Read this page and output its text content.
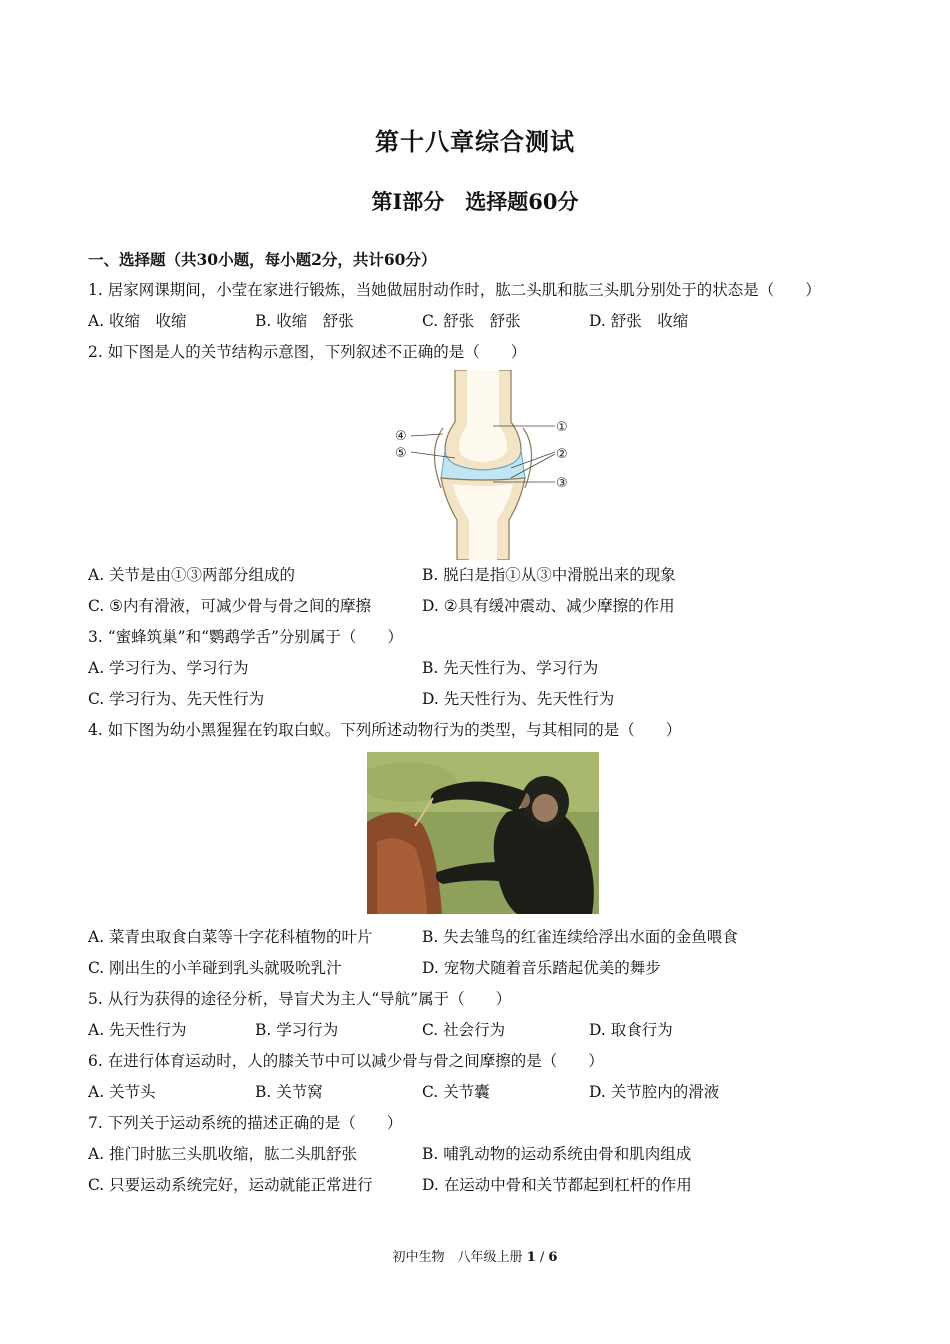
第十八章综合测试
第Ⅰ部分　选择题60分
一、选择题（共30小题，每小题2分，共计60分）
1. 居家网课期间，小莹在家进行锻炼，当她做屈肘动作时，肱二头肌和肱三头肌分别处于的状态是（　　）
A. 收缩　收缩	B. 收缩　舒张	C. 舒张　舒张	D. 舒张　收缩
2. 如下图是人的关节结构示意图，下列叙述不正确的是（　　）
①
②
③
④
⑤
A. 关节是由①③两部分组成的	B. 脱臼是指①从③中滑脱出来的现象
C. ⑤内有滑液，可减少骨与骨之间的摩擦	D. ②具有缓冲震动、减少摩擦的作用
3. “蜜蜂筑巢”和“鹦鹉学舌”分别属于（　　）
A. 学习行为、学习行为	B. 先天性行为、学习行为
C. 学习行为、先天性行为	D. 先天性行为、先天性行为
4. 如下图为幼小黑猩猩在钓取白蚁。下列所述动物行为的类型，与其相同的是（　　）
A. 菜青虫取食白菜等十字花科植物的叶片	B. 失去雏鸟的红雀连续给浮出水面的金鱼喂食
C. 刚出生的小羊碰到乳头就吸吮乳汁	D. 宠物犬随着音乐踏起优美的舞步
5. 从行为获得的途径分析，导盲犬为主人“导航”属于（　　）
A. 先天性行为	B. 学习行为	C. 社会行为	D. 取食行为
6. 在进行体育运动时，人的膝关节中可以减少骨与骨之间摩擦的是（　　）
A. 关节头	B. 关节窝	C. 关节囊	D. 关节腔内的滑液
7. 下列关于运动系统的描述正确的是（　　）
A. 推门时肱三头肌收缩，肱二头肌舒张	B. 哺乳动物的运动系统由骨和肌肉组成
C. 只要运动系统完好，运动就能正常进行	D. 在运动中骨和关节都起到杠杆的作用
初中生物　八年级上册 1 / 6
